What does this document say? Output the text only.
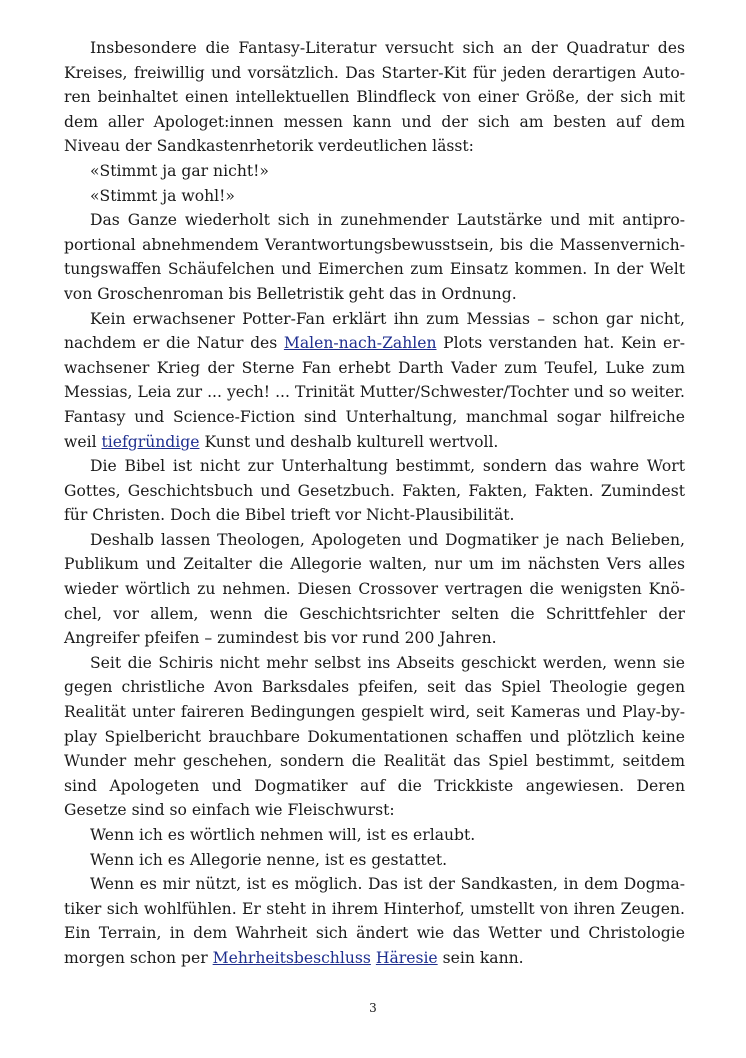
Insbesondere die Fantasy-Literatur versucht sich an der Quadratur des Kreises, freiwillig und vorsätzlich. Das Starter-Kit für jeden derartigen Autoren beinhaltet einen intellektuellen Blindfleck von einer Größe, der sich mit dem aller Apologet:innen messen kann und der sich am besten auf dem Niveau der Sandkastenrhetorik verdeutlichen lässt:

«Stimmt ja gar nicht!»

«Stimmt ja wohl!»

Das Ganze wiederholt sich in zunehmender Lautstärke und mit antiproportional abnehmendem Verantwortungsbewusstsein, bis die Massenvernichtungswaffen Schäufelchen und Eimerchen zum Einsatz kommen. In der Welt von Groschenroman bis Belletristik geht das in Ordnung.

Kein erwachsener Potter-Fan erklärt ihn zum Messias – schon gar nicht, nachdem er die Natur des Malen-nach-Zahlen Plots verstanden hat. Kein erwachsener Krieg der Sterne Fan erhebt Darth Vader zum Teufel, Luke zum Messias, Leia zur ... yech! ... Trinität Mutter/Schwester/Tochter und so weiter. Fantasy und Science-Fiction sind Unterhaltung, manchmal sogar hilfreiche weil tiefgründige Kunst und deshalb kulturell wertvoll.

Die Bibel ist nicht zur Unterhaltung bestimmt, sondern das wahre Wort Gottes, Geschichtsbuch und Gesetzbuch. Fakten, Fakten, Fakten. Zumindest für Christen. Doch die Bibel trieft vor Nicht-Plausibilität.

Deshalb lassen Theologen, Apologeten und Dogmatiker je nach Belieben, Publikum und Zeitalter die Allegorie walten, nur um im nächsten Vers alles wieder wörtlich zu nehmen. Diesen Crossover vertragen die wenigsten Knöchel, vor allem, wenn die Geschichtsrichter selten die Schrittfehler der Angreifer pfeifen – zumindest bis vor rund 200 Jahren.

Seit die Schiris nicht mehr selbst ins Abseits geschickt werden, wenn sie gegen christliche Avon Barksdales pfeifen, seit das Spiel Theologie gegen Realität unter faireren Bedingungen gespielt wird, seit Kameras und Play-by-play Spielbericht brauchbare Dokumentationen schaffen und plötzlich keine Wunder mehr geschehen, sondern die Realität das Spiel bestimmt, seitdem sind Apologeten und Dogmatiker auf die Trickkiste angewiesen. Deren Gesetze sind so einfach wie Fleischwurst:

Wenn ich es wörtlich nehmen will, ist es erlaubt.

Wenn ich es Allegorie nenne, ist es gestattet.

Wenn es mir nützt, ist es möglich. Das ist der Sandkasten, in dem Dogmatiker sich wohlfühlen. Er steht in ihrem Hinterhof, umstellt von ihren Zeugen. Ein Terrain, in dem Wahrheit sich ändert wie das Wetter und Christologie morgen schon per Mehrheitsbeschluss Häresie sein kann.

3
